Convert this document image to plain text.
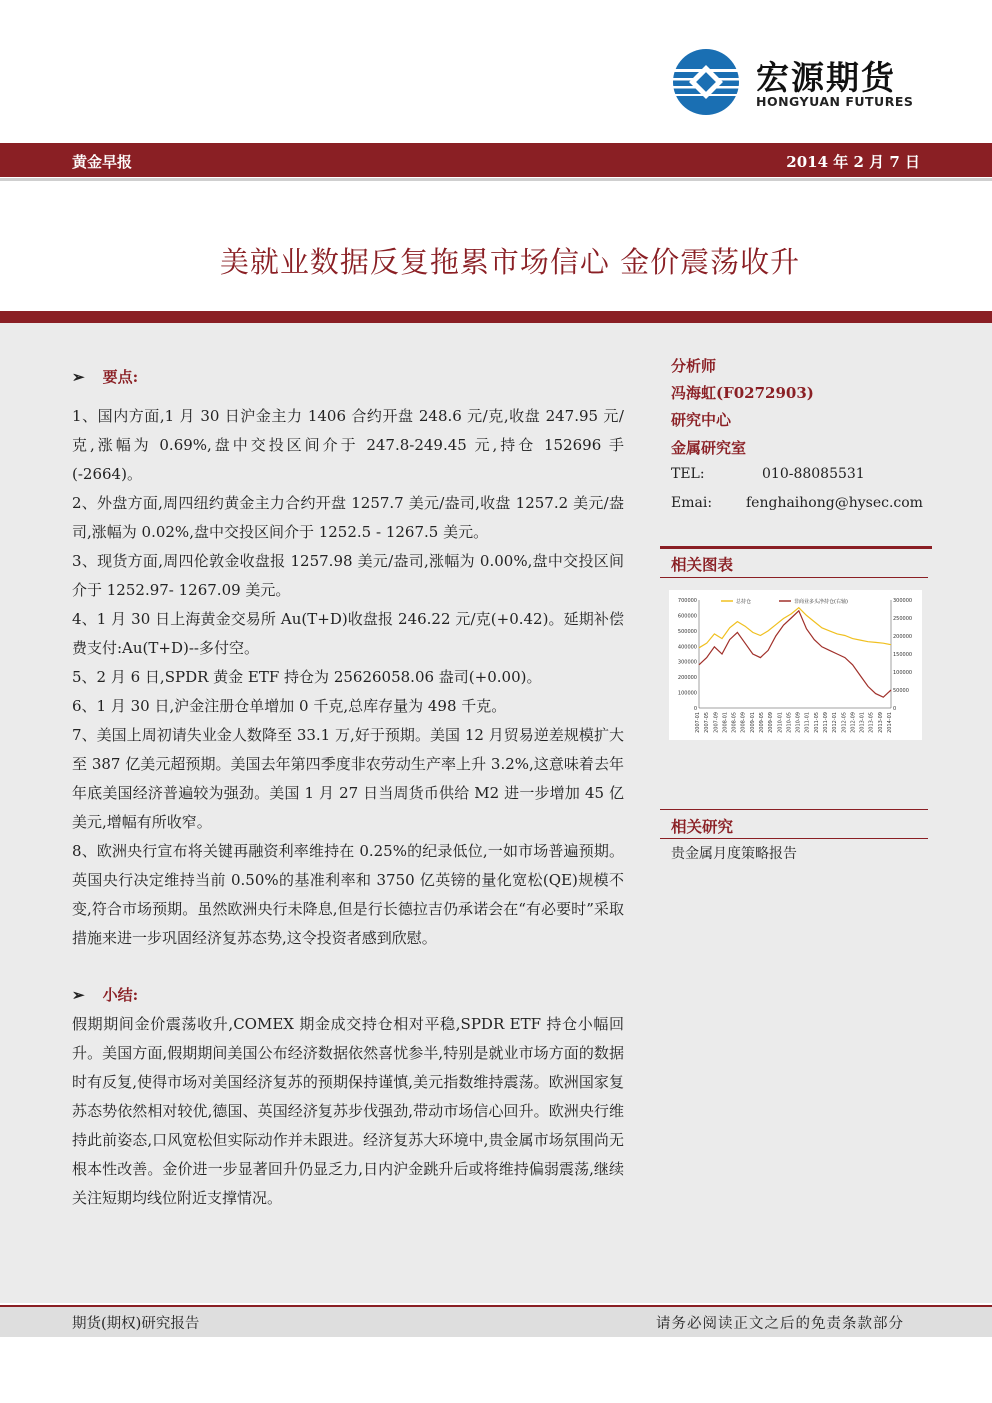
宏源期货
HONGYUAN FUTURES
黄金早报	2014 年 2 月 7 日
美就业数据反复拖累市场信心 金价震荡收升
➢ 要点:

1、国内方面,1 月 30 日沪金主力 1406 合约开盘 248.6 元/克,收盘 247.95 元/克,涨幅为 0.69%,盘中交投区间介于 247.8-249.45 元,持仓 152696 手(-2664)。

2、外盘方面,周四纽约黄金主力合约开盘 1257.7 美元/盎司,收盘 1257.2 美元/盎司,涨幅为 0.02%,盘中交投区间介于 1252.5 - 1267.5 美元。

3、现货方面,周四伦敦金收盘报 1257.98 美元/盎司,涨幅为 0.00%,盘中交投区间介于 1252.97- 1267.09 美元。

4、1 月 30 日上海黄金交易所 Au(T+D)收盘报 246.22 元/克(+0.42)。延期补偿费支付:Au(T+D)--多付空。

5、2 月 6 日,SPDR 黄金 ETF 持仓为 25626058.06 盎司(+0.00)。

6、1 月 30 日,沪金注册仓单增加 0 千克,总库存量为 498 千克。

7、美国上周初请失业金人数降至 33.1 万,好于预期。美国 12 月贸易逆差规模扩大至 387 亿美元超预期。美国去年第四季度非农劳动生产率上升 3.2%,这意味着去年年底美国经济普遍较为强劲。美国 1 月 27 日当周货币供给 M2 进一步增加 45 亿美元,增幅有所收窄。

8、欧洲央行宣布将关键再融资利率维持在 0.25%的纪录低位,一如市场普遍预期。英国央行决定维持当前 0.50%的基准利率和 3750 亿英镑的量化宽松(QE)规模不变,符合市场预期。虽然欧洲央行未降息,但是行长德拉吉仍承诺会在“有必要时”采取措施来进一步巩固经济复苏态势,这令投资者感到欣慰。

➢ 小结:

假期期间金价震荡收升,COMEX 期金成交持仓相对平稳,SPDR ETF 持仓小幅回升。美国方面,假期期间美国公布经济数据依然喜忧参半,特别是就业市场方面的数据时有反复,使得市场对美国经济复苏的预期保持谨慎,美元指数维持震荡。欧洲国家复苏态势依然相对较优,德国、英国经济复苏步伐强劲,带动市场信心回升。欧洲央行维持此前姿态,口风宽松但实际动作并未跟进。经济复苏大环境中,贵金属市场氛围尚无根本性改善。金价进一步显著回升仍显乏力,日内沪金跳升后或将维持偏弱震荡,继续关注短期均线位附近支撑情况。

分析师
冯海虹(F0272903)
研究中心
金属研究室
TEL:	010-88085531
Emai: fenghaihong@hysec.com
相关图表
700000
600000
500000
400000
300000
200000
100000
0
300000
250000
200000
150000
100000
50000
0
2007-01 2007-05 2007-09 2008-01 2008-05 2008-09 2009-01 2009-05 2009-09 2010-01 2010-05 2010-09 2011-01 2011-05 2011-09 2012-01 2012-05 2012-09 2013-01 2013-05 2013-09 2014-01
总持仓	非商业多头净持仓(右轴)
相关研究
贵金属月度策略报告
期货(期权)研究报告	请务必阅读正文之后的免责条款部分
